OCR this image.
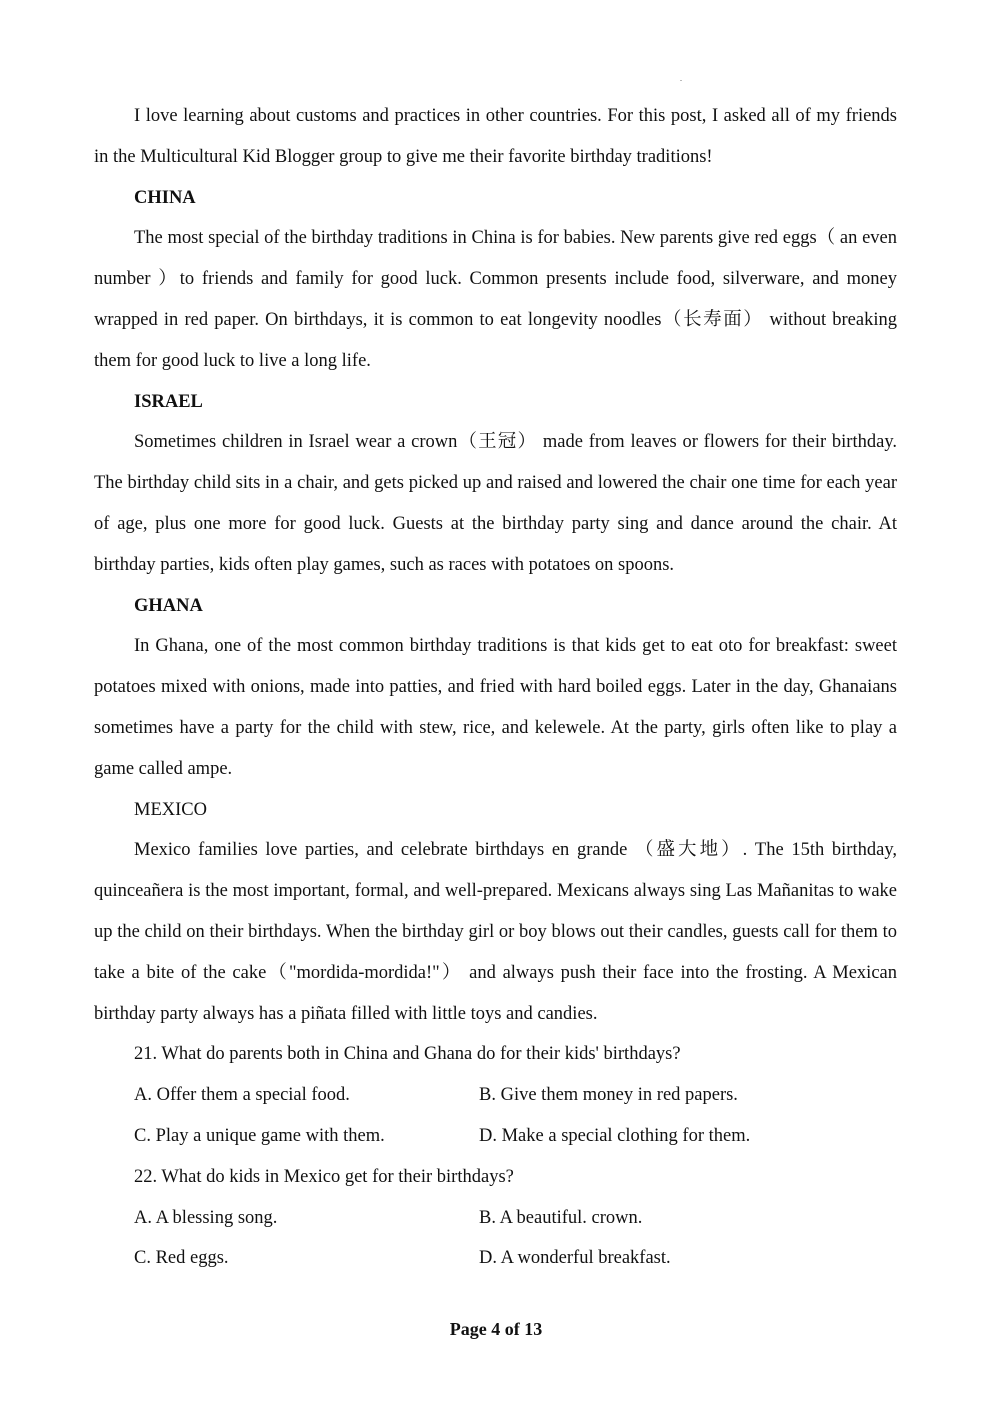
I love learning about customs and practices in other countries. For this post, I asked all of my friends in the Multicultural Kid Blogger group to give me their favorite birthday traditions!

CHINA

The most special of the birthday traditions in China is for babies. New parents give red eggs（ an even number ）to friends and family for good luck. Common presents include food, silverware, and money wrapped in red paper. On birthdays, it is common to eat longevity noodles（长寿面） without breaking them for good luck to live a long life.

ISRAEL

Sometimes children in Israel wear a crown（王冠） made from leaves or flowers for their birthday. The birthday child sits in a chair, and gets picked up and raised and lowered the chair one time for each year of age, plus one more for good luck. Guests at the birthday party sing and dance around the chair. At birthday parties, kids often play games, such as races with potatoes on spoons.

GHANA

In Ghana, one of the most common birthday traditions is that kids get to eat oto for breakfast: sweet potatoes mixed with onions, made into patties, and fried with hard boiled eggs. Later in the day, Ghanaians sometimes have a party for the child with stew, rice, and kelewele. At the party, girls often like to play a game called ampe.

MEXICO

Mexico families love parties, and celebrate birthdays en grande （盛大地）. The 15th birthday, quinceañera is the most important, formal, and well-prepared. Mexicans always sing Las Mañanitas to wake up the child on their birthdays. When the birthday girl or boy blows out their candles, guests call for them to take a bite of the cake（"mordida-mordida!"） and always push their face into the frosting. A Mexican birthday party always has a piñata filled with little toys and candies.

21. What do parents both in China and Ghana do for their kids' birthdays?

A. Offer them a special food.	B. Give them money in red papers.
C. Play a unique game with them.	D. Make a special clothing for them.

22. What do kids in Mexico get for their birthdays?

A. A blessing song.	B. A beautiful. crown.
C. Red eggs.	D. A wonderful breakfast.
Page 4 of 13
